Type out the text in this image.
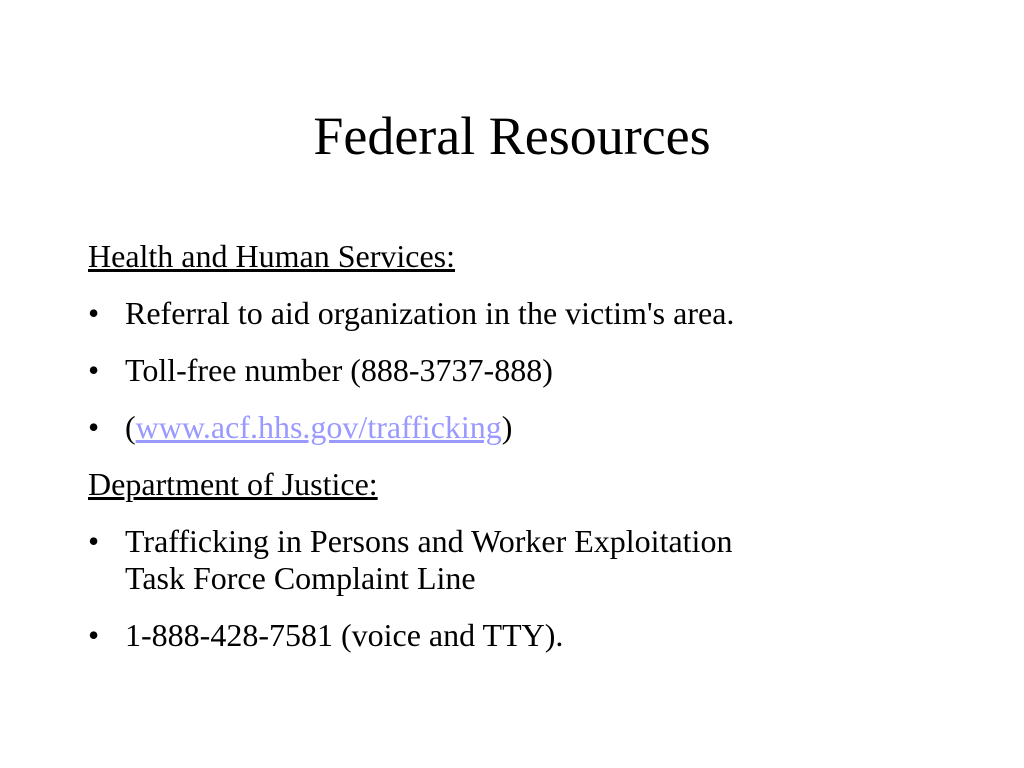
Federal Resources
Health and Human Services:
• Referral to aid organization in the victim's area.
• Toll-free number (888-3737-888)
• (www.acf.hhs.gov/trafficking)
Department of Justice:
• Trafficking in Persons and Worker Exploitation
Task Force Complaint Line
• 1-888-428-7581 (voice and TTY).
